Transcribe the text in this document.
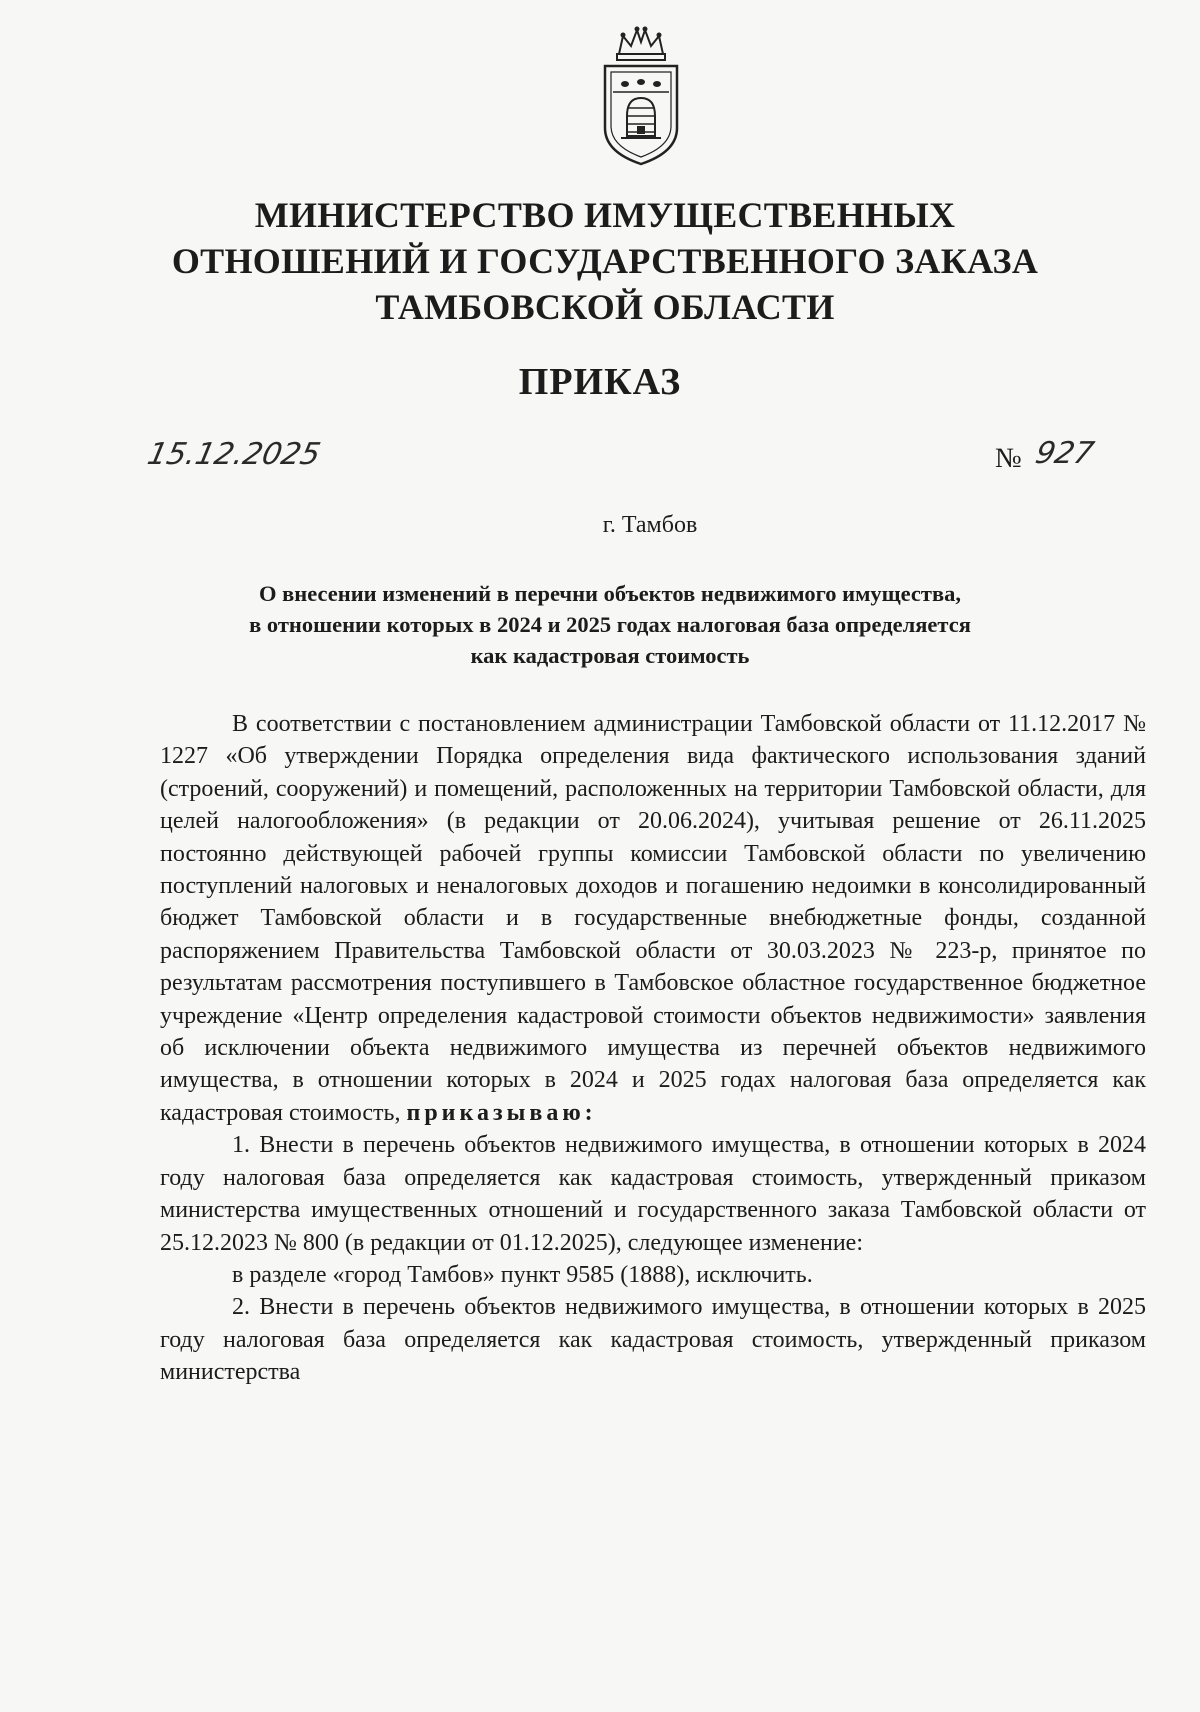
МИНИСТЕРСТВО ИМУЩЕСТВЕННЫХ
ОТНОШЕНИЙ И ГОСУДАРСТВЕННОГО ЗАКАЗА
ТАМБОВСКОЙ ОБЛАСТИ
ПРИКАЗ
15.12.2025	№ 927
г. Тамбов
О внесении изменений в перечни объектов недвижимого имущества,
в отношении которых в 2024 и 2025 годах налоговая база определяется
как кадастровая стоимость

В соответствии с постановлением администрации Тамбовской области от 11.12.2017 № 1227 «Об утверждении Порядка определения вида фактического использования зданий (строений, сооружений) и помещений, расположенных на территории Тамбовской области, для целей налогообложения» (в редакции от 20.06.2024), учитывая решение от 26.11.2025 постоянно действующей рабочей группы комиссии Тамбовской области по увеличению поступлений налоговых и неналоговых доходов и погашению недоимки в консолидированный бюджет Тамбовской области и в государственные внебюджетные фонды, созданной распоряжением Правительства Тамбовской области от 30.03.2023 № 223-р, принятое по результатам рассмотрения поступившего в Тамбовское областное государственное бюджетное учреждение «Центр определения кадастровой стоимости объектов недвижимости» заявления об исключении объекта недвижимого имущества из перечней объектов недвижимого имущества, в отношении которых в 2024 и 2025 годах налоговая база определяется как кадастровая стоимость, приказываю:

1. Внести в перечень объектов недвижимого имущества, в отношении которых в 2024 году налоговая база определяется как кадастровая стоимость, утвержденный приказом министерства имущественных отношений и государственного заказа Тамбовской области от 25.12.2023 № 800 (в редакции от 01.12.2025), следующее изменение:

в разделе «город Тамбов» пункт 9585 (1888), исключить.

2. Внести в перечень объектов недвижимого имущества, в отношении которых в 2025 году налоговая база определяется как кадастровая стоимость, утвержденный приказом министерства
